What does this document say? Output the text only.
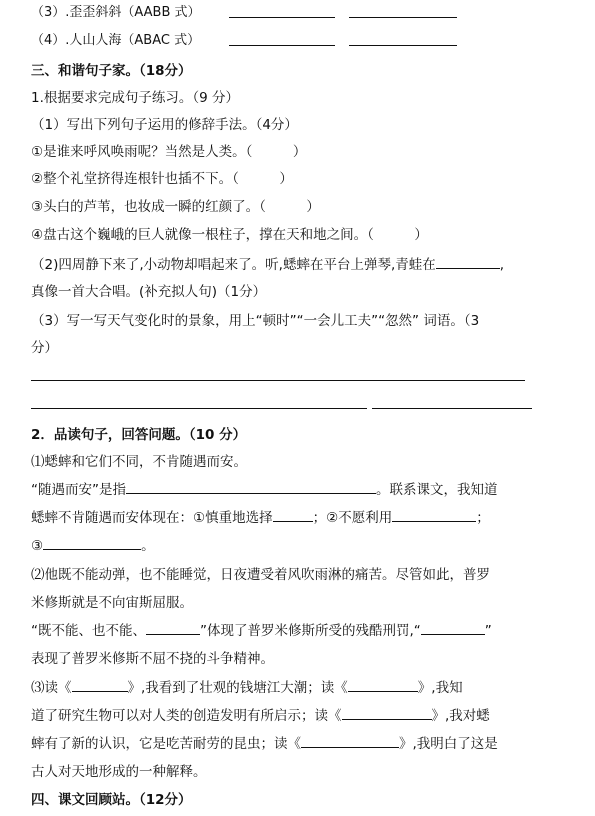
（3）.歪歪斜斜（AABB 式）
（4）.人山人海（ABAC 式）
三、和谐句子家。（18分）
1.根据要求完成句子练习。（9 分）
（1）写出下列句子运用的修辞手法。（4分）
①是谁来呼风唤雨呢？当然是人类。（　　　）
②整个礼堂挤得连根针也插不下。（　　　）
③头白的芦苇，也妆成一瞬的红颜了。（　　　）
④盘古这个巍峨的巨人就像一根柱子，撑在天和地之间。（　　　）
（2)四周静下来了,小动物却唱起来了。听,蟋蟀在平台上弹琴,青蛙在	,
真像一首大合唱。(补充拟人句)（1分）
（3）写一写天气变化时的景象，用上“顿时”“一会儿工夫”“忽然” 词语。（3
分）
2．品读句子，回答问题。（10 分）
⑴蟋蟀和它们不同，不肯随遇而安。
“随遇而安”是指	。联系课文，我知道
蟋蟀不肯随遇而安体现在：①慎重地选择	；②不愿利用	；
③	。
⑵他既不能动弹，也不能睡觉，日夜遭受着风吹雨淋的痛苦。尽管如此，普罗
米修斯就是不向宙斯屈服。
“既不能、也不能、	”体现了普罗米修斯所受的残酷刑罚,“	”
表现了普罗米修斯不屈不挠的斗争精神。
⑶读《	》,我看到了壮观的钱塘江大潮；读《	》,我知
道了研究生物可以对人类的创造发明有所启示；读《	》,我对蟋
蟀有了新的认识，它是吃苦耐劳的昆虫；读《	》,我明白了这是
古人对天地形成的一种解释。
四、课文回顾站。（12分）
